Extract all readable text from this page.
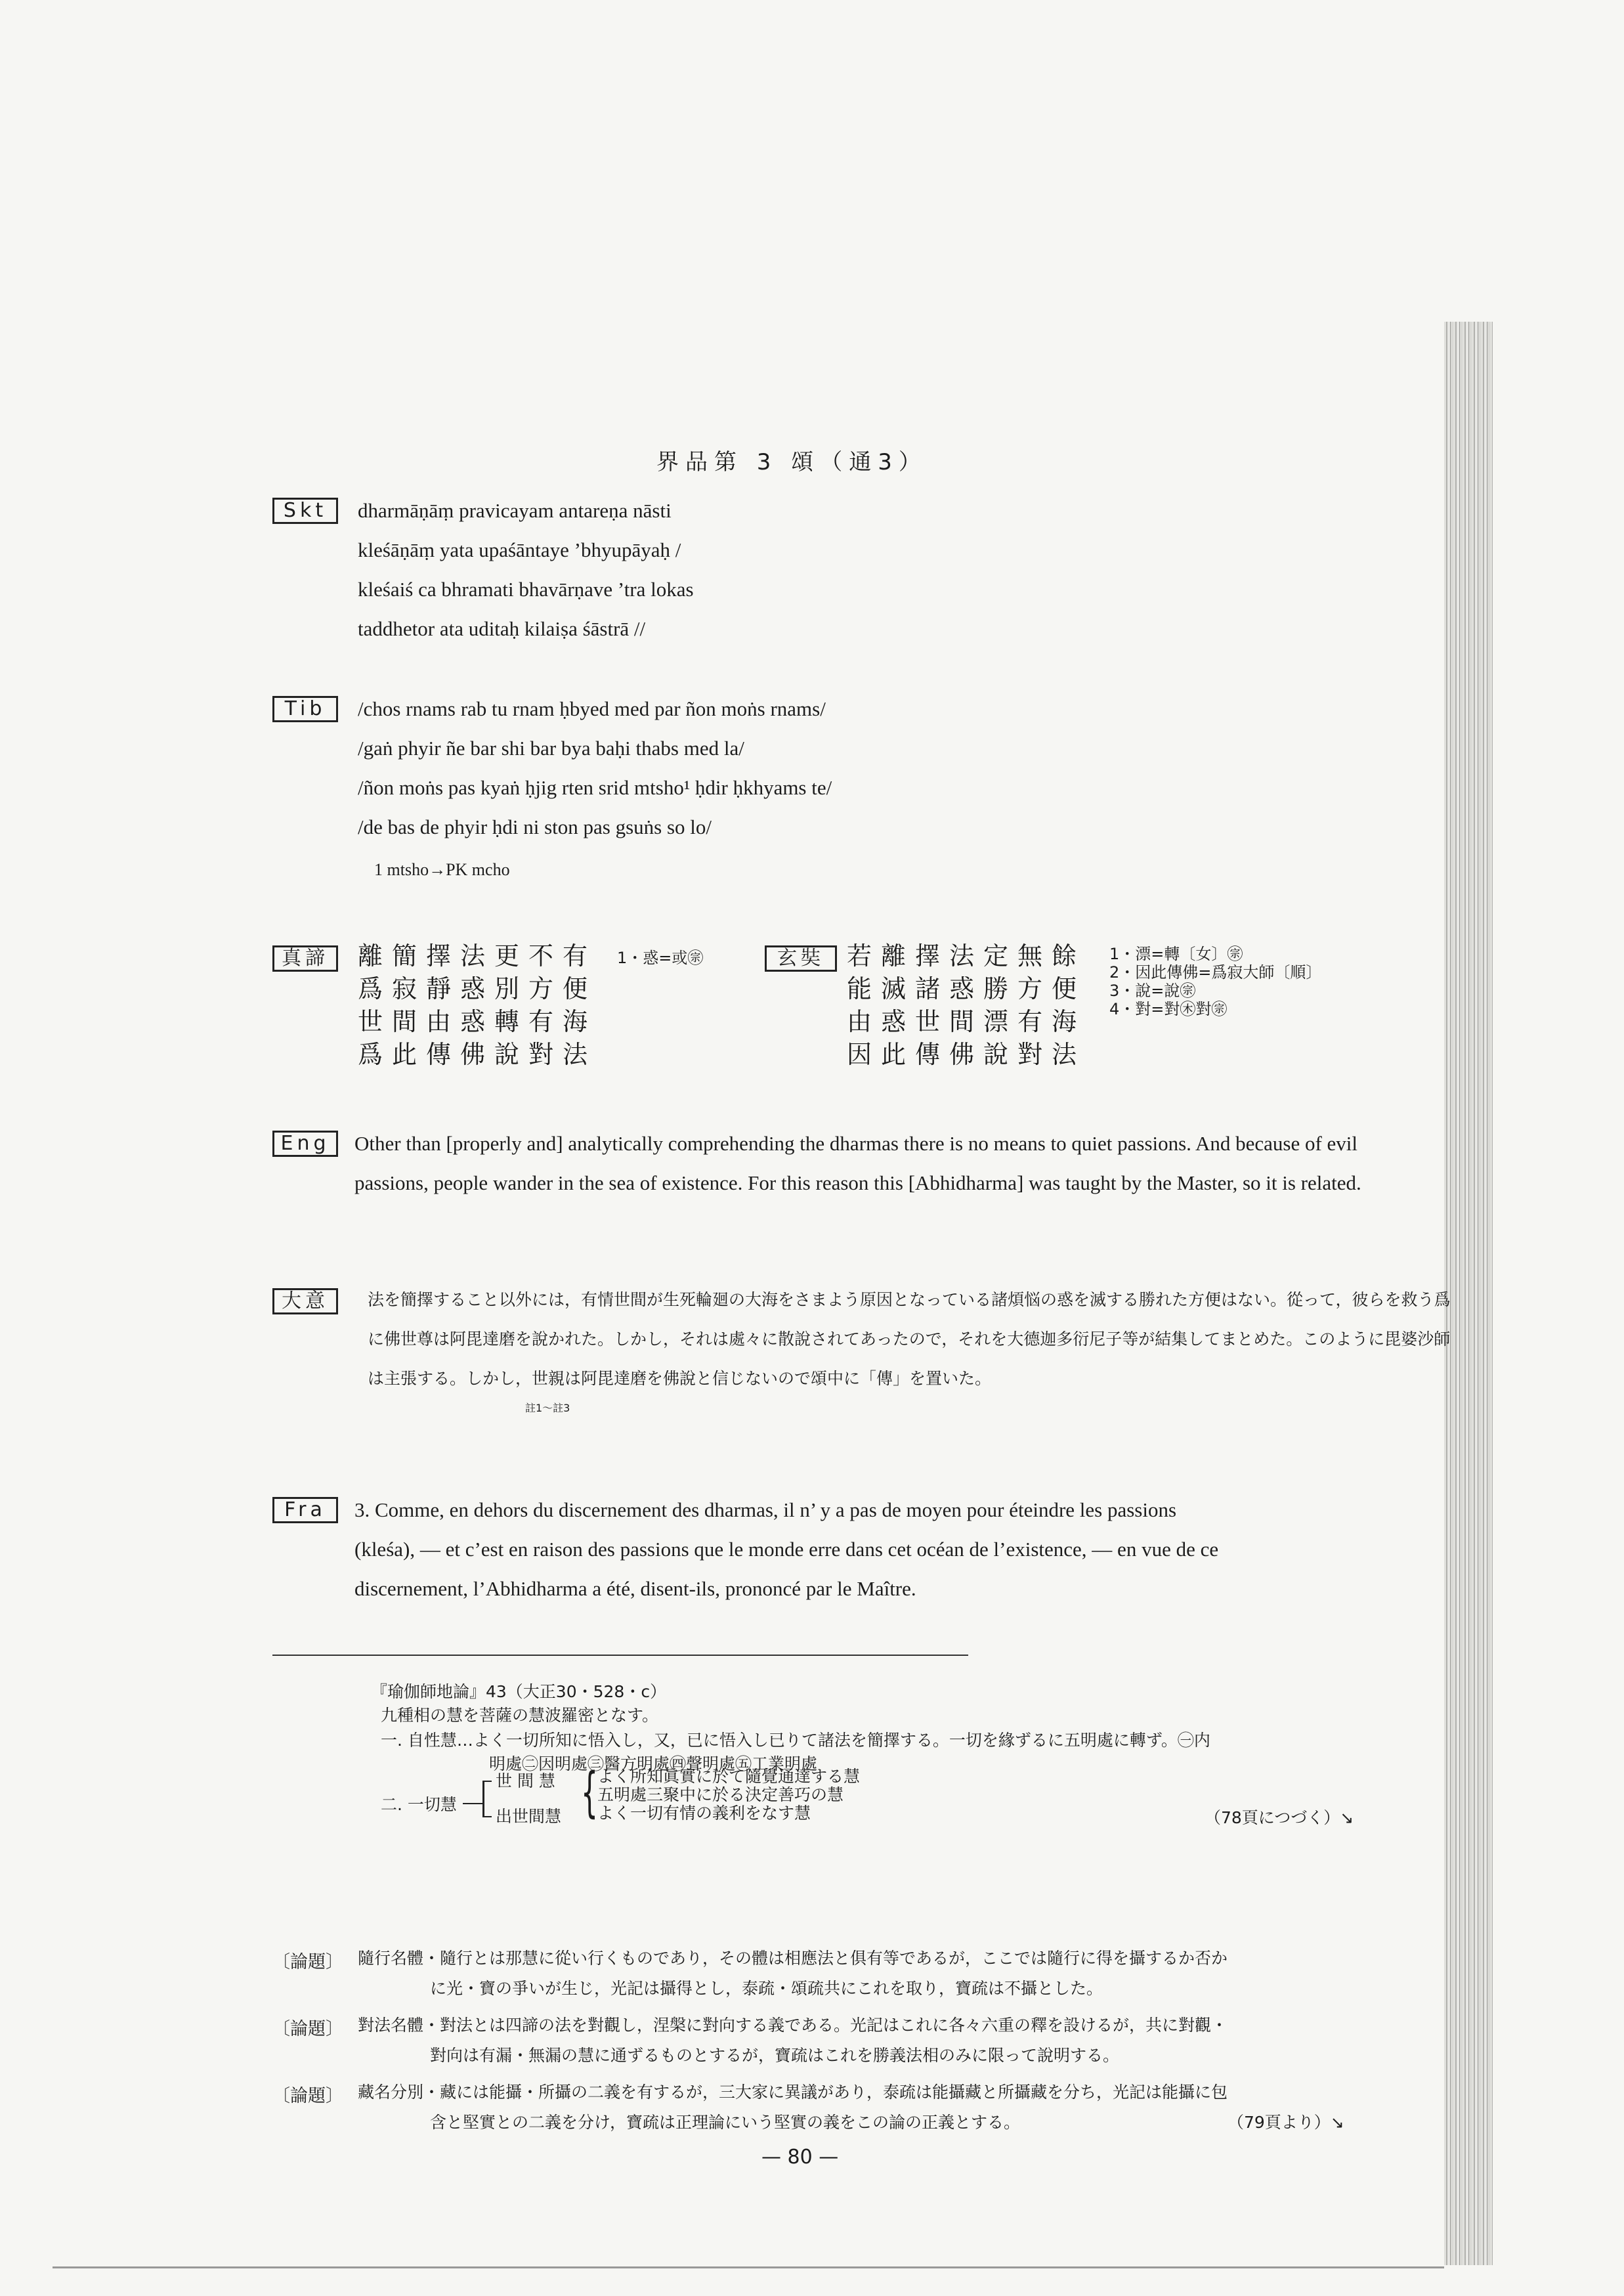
界品第 3 頌（通3）
Skt	dharmāṇāṃ pravicayam antareṇa nāsti
kleśāṇāṃ yata upaśāntaye ’bhyupāyaḥ /
kleśaiś ca bhramati bhavārṇave ’tra lokas
taddhetor ata uditaḥ kilaiṣa śāstrā //
Tib	/chos rnams rab tu rnam ḥbyed med par ñon moṅs rnams/
/gaṅ phyir ñe bar shi bar bya baḥi thabs med la/
/ñon moṅs pas kyaṅ ḥjig rten srid mtsho¹ ḥdir ḥkhyams te/
/de bas de phyir ḥdi ni ston pas gsuṅs so lo/
1 mtsho→PK mcho
真諦	離簡擇法更不有
爲寂靜惑別方便
世間由惑轉有海
爲此傳佛說對法
1・惑=或㊪	玄奘 若離擇法定無餘
能滅諸惑勝方便
由惑世間漂有海
因此傳佛說對法
1・漂=轉〔女〕㊪
2・因此傳佛=爲寂大師〔順〕
3・說=說㊪
4・對=對㊍對㊪
Eng	Other than [properly and] analytically comprehending the dharmas there is no means to quiet passions. And because of evil passions, people wander in the sea of existence. For this reason this [Abhidharma] was taught by the Master, so it is related.
大意
註1～註3
法を簡擇すること以外には，有情世間が生死輪廻の大海をさまよう原因となっている諸煩悩の惑を滅する勝れた方便はない。從って，彼らを救う爲に佛世尊は阿毘達磨を說かれた。しかし，それは處々に散說されてあったので，それを大德迦多衍尼子等が結集してまとめた。このように毘婆沙師は主張する。しかし，世親は阿毘達磨を佛說と信じないので頌中に「傳」を置いた。
Fra	3. Comme, en dehors du discernement des dharmas, il n’ y a pas de moyen pour éteindre les passions
(kleśa), — et c’est en raison des passions que le monde erre dans cet océan de l’existence, — en vue de ce
discernement, l’Abhidharma a été, disent-ils, prononcé par le Maître.
『瑜伽師地論』43（大正30・528・c）
九種相の慧を菩薩の慧波羅密となす。
一. 自性慧…よく一切所知に悟入し，又，已に悟入し已りて諸法を簡擇する。一切を緣ずるに五明處に轉ず。㊀内
明處㊁因明處㊂醫方明處㊃聲明處㊄工業明處
二. 一切慧
世 間 慧
出世間慧 {
よく所知眞實に於て隨覺通達する慧
五明處三聚中に於る決定善巧の慧
よく一切有情の義利をなす慧	（78頁につづく）↘
〔論題〕 隨行名體・隨行とは那慧に從い行くものであり，その體は相應法と俱有等であるが，ここでは隨行に得を攝するか否か
に光・寶の爭いが生じ，光記は攝得とし，泰疏・頌疏共にこれを取り，寶疏は不攝とした。
〔論題〕 對法名體・對法とは四諦の法を對觀し，涅槃に對向する義である。光記はこれに各々六重の釋を設けるが，共に對觀・
對向は有漏・無漏の慧に通ずるものとするが，寶疏はこれを勝義法相のみに限って說明する。
〔論題〕 藏名分別・藏には能攝・所攝の二義を有するが，三大家に異議があり，泰疏は能攝藏と所攝藏を分ち，光記は能攝に包
含と堅實との二義を分け，寶疏は正理論にいう堅實の義をこの論の正義とする。	（79頁より）↘
— 80 —
